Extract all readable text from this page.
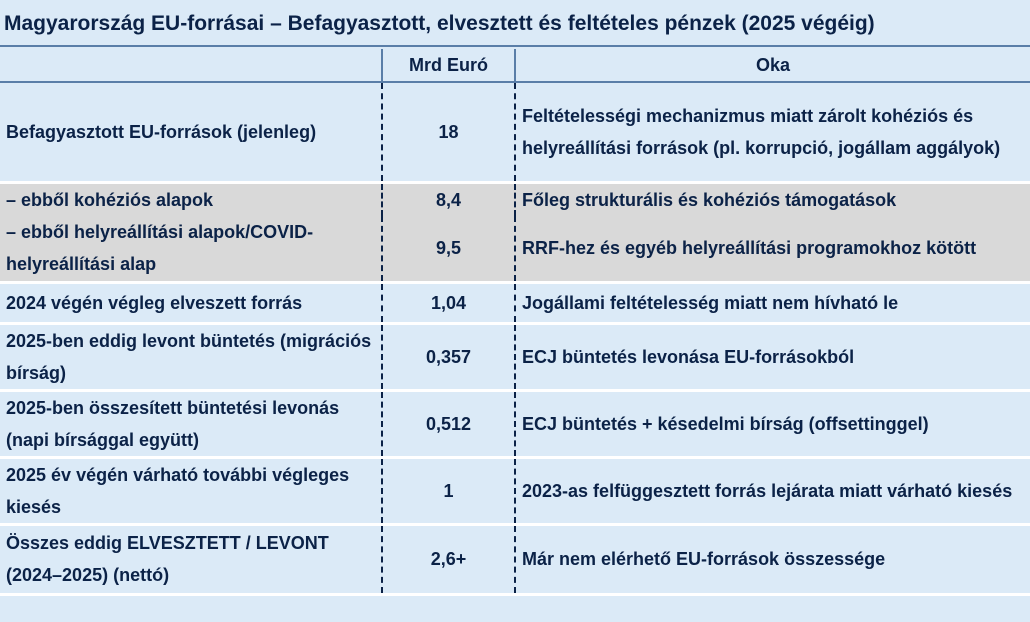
Magyarország EU-forrásai – Befagyasztott, elvesztett és feltételes pénzek (2025 végéig)
	Mrd Euró	Oka
Befagyasztott EU-források (jelenleg)	18	Feltételességi mechanizmus miatt zárolt kohéziós és helyreállítási források (pl. korrupció, jogállam aggályok)
– ebből kohéziós alapok	8,4	Főleg strukturális és kohéziós támogatások
– ebből helyreállítási alapok/COVID-helyreállítási alap	9,5	RRF-hez és egyéb helyreállítási programokhoz kötött
2024 végén végleg elveszett forrás	1,04	Jogállami feltételesség miatt nem hívható le
2025-ben eddig levont büntetés (migrációs bírság)	0,357	ECJ büntetés levonása EU-forrásokból
2025-ben összesített büntetési levonás (napi bírsággal együtt)	0,512	ECJ büntetés + késedelmi bírság (offsettinggel)
2025 év végén várható további végleges kiesés	1	2023-as felfüggesztett forrás lejárata miatt várható kiesés
Összes eddig ELVESZTETT / LEVONT (2024–2025) (nettó)	2,6+	Már nem elérhető EU-források összessége
